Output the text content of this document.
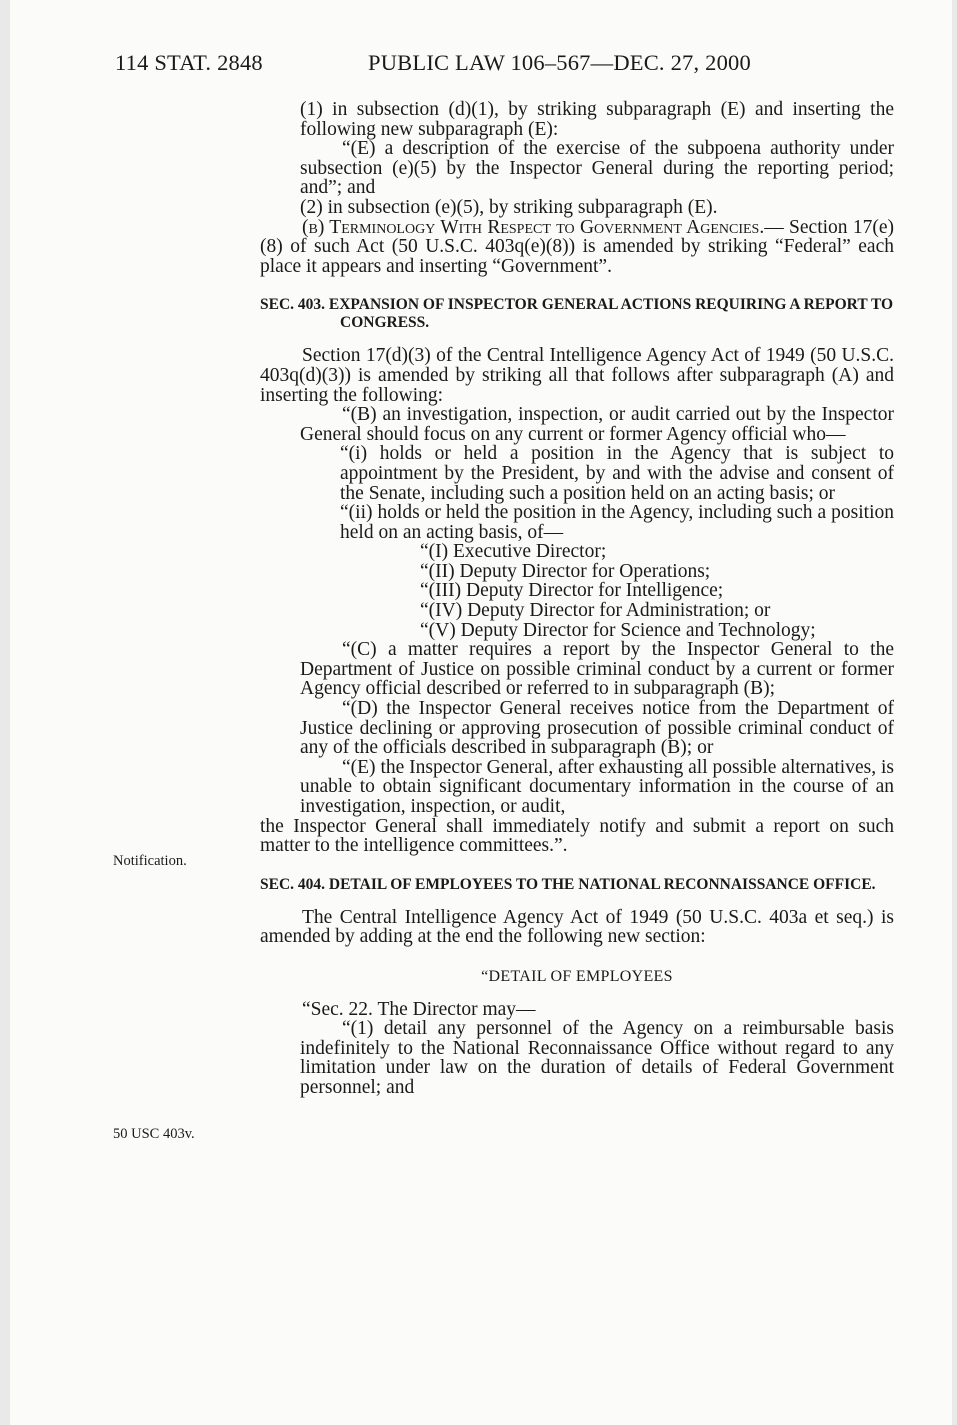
114 STAT. 2848	PUBLIC LAW 106–567—DEC. 27, 2000
Notification.
50 USC 403v.

(1) in subsection (d)(1), by striking subparagraph (E) and inserting the following new subparagraph (E):

“(E) a description of the exercise of the subpoena authority under subsection (e)(5) by the Inspector General during the reporting period; and”; and

(2) in subsection (e)(5), by striking subparagraph (E).

(b) Terminology With Respect to Government Agencies.— Section 17(e)(8) of such Act (50 U.S.C. 403q(e)(8)) is amended by striking “Federal” each place it appears and inserting “Government”.

SEC. 403. EXPANSION OF INSPECTOR GENERAL ACTIONS REQUIRING A REPORT TO CONGRESS.

Section 17(d)(3) of the Central Intelligence Agency Act of 1949 (50 U.S.C. 403q(d)(3)) is amended by striking all that follows after subparagraph (A) and inserting the following:

“(B) an investigation, inspection, or audit carried out by the Inspector General should focus on any current or former Agency official who—

“(i) holds or held a position in the Agency that is subject to appointment by the President, by and with the advise and consent of the Senate, including such a position held on an acting basis; or

“(ii) holds or held the position in the Agency, including such a position held on an acting basis, of—

“(I) Executive Director;

“(II) Deputy Director for Operations;

“(III) Deputy Director for Intelligence;

“(IV) Deputy Director for Administration; or

“(V) Deputy Director for Science and Technology;

“(C) a matter requires a report by the Inspector General to the Department of Justice on possible criminal conduct by a current or former Agency official described or referred to in subparagraph (B);

“(D) the Inspector General receives notice from the Department of Justice declining or approving prosecution of possible criminal conduct of any of the officials described in subparagraph (B); or

“(E) the Inspector General, after exhausting all possible alternatives, is unable to obtain significant documentary information in the course of an investigation, inspection, or audit,

the Inspector General shall immediately notify and submit a report on such matter to the intelligence committees.”.

SEC. 404. DETAIL OF EMPLOYEES TO THE NATIONAL RECONNAISSANCE OFFICE.

The Central Intelligence Agency Act of 1949 (50 U.S.C. 403a et seq.) is amended by adding at the end the following new section:

“DETAIL OF EMPLOYEES

“Sec. 22. The Director may—

“(1) detail any personnel of the Agency on a reimbursable basis indefinitely to the National Reconnaissance Office without regard to any limitation under law on the duration of details of Federal Government personnel; and
